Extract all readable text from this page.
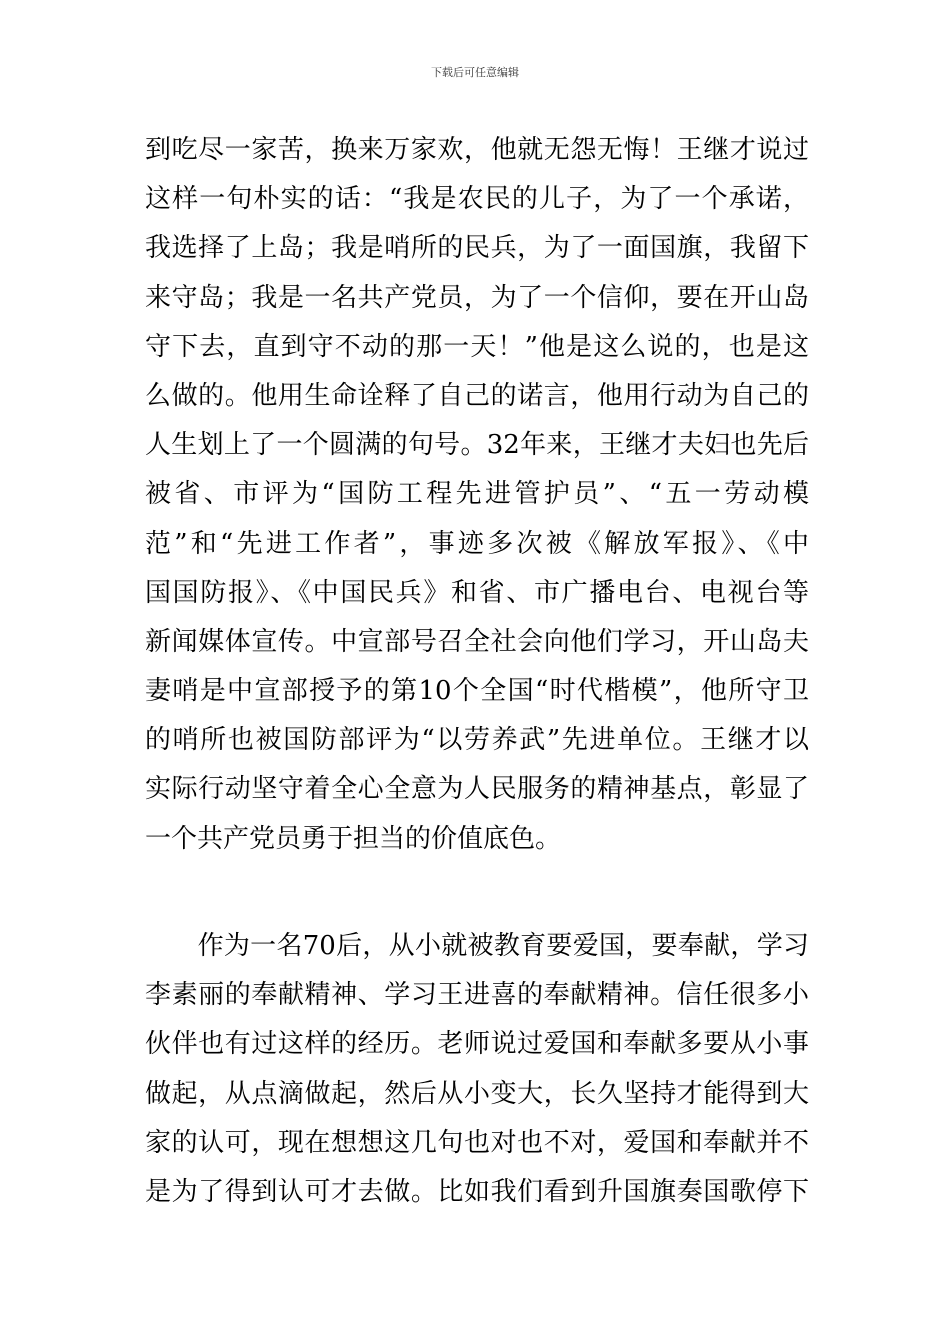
下载后可任意编辑
到吃尽一家苦，换来万家欢，他就无怨无悔！王继才说过
这样一句朴实的话：“我是农民的儿子，为了一个承诺，
我选择了上岛；我是哨所的民兵，为了一面国旗，我留下
来守岛；我是一名共产党员，为了一个信仰，要在开山岛
守下去，直到守不动的那一天！”他是这么说的，也是这
么做的。他用生命诠释了自己的诺言，他用行动为自己的
人生划上了一个圆满的句号。32年来，王继才夫妇也先后
被省、市评为“国防工程先进管护员”、“五一劳动模
范”和“先进工作者”，事迹多次被《解放军报》、《中
国国防报》、《中国民兵》和省、市广播电台、电视台等
新闻媒体宣传。中宣部号召全社会向他们学习，开山岛夫
妻哨是中宣部授予的第10个全国“时代楷模”，他所守卫
的哨所也被国防部评为“以劳养武”先进单位。王继才以
实际行动坚守着全心全意为人民服务的精神基点，彰显了
一个共产党员勇于担当的价值底色。
　　作为一名70后，从小就被教育要爱国，要奉献，学习
李素丽的奉献精神、学习王进喜的奉献精神。信任很多小
伙伴也有过这样的经历。老师说过爱国和奉献多要从小事
做起，从点滴做起，然后从小变大，长久坚持才能得到大
家的认可，现在想想这几句也对也不对，爱国和奉献并不
是为了得到认可才去做。比如我们看到升国旗奏国歌停下
